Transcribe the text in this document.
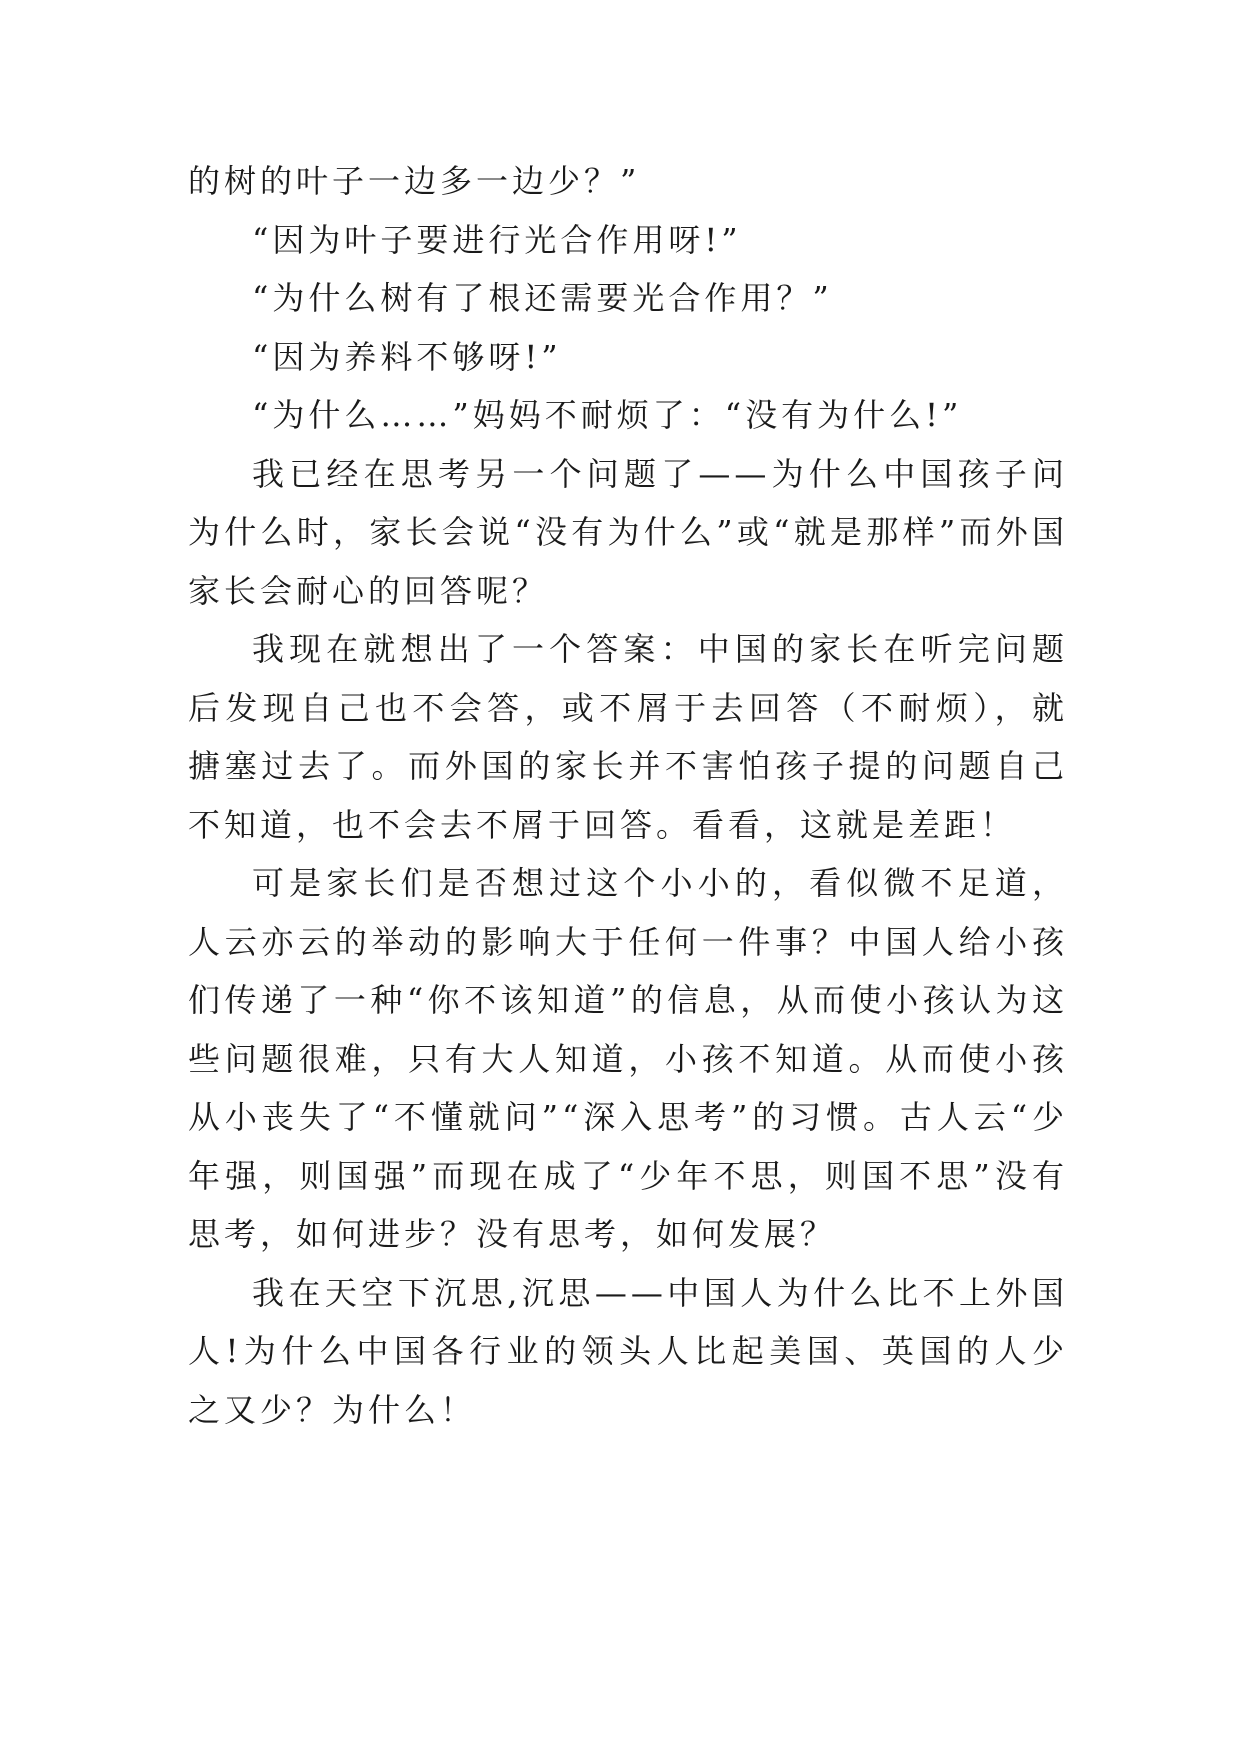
的树的叶子一边多一边少？”

“因为叶子要进行光合作用呀!”

“为什么树有了根还需要光合作用？”

“因为养料不够呀!”

“为什么……”妈妈不耐烦了：“没有为什么!”

我已经在思考另一个问题了——为什么中国孩子问为什么时，家长会说“没有为什么”或“就是那样”而外国家长会耐心的回答呢？

我现在就想出了一个答案：中国的家长在听完问题后发现自己也不会答，或不屑于去回答（不耐烦），就搪塞过去了。而外国的家长并不害怕孩子提的问题自己不知道，也不会去不屑于回答。看看，这就是差距！

可是家长们是否想过这个小小的，看似微不足道，人云亦云的举动的影响大于任何一件事？中国人给小孩们传递了一种“你不该知道”的信息，从而使小孩认为这些问题很难，只有大人知道，小孩不知道。从而使小孩从小丧失了“不懂就问”“深入思考”的习惯。古人云“少年强，则国强”而现在成了“少年不思，则国不思”没有思考，如何进步？没有思考，如何发展？

我在天空下沉思,沉思——中国人为什么比不上外国人!为什么中国各行业的领头人比起美国、英国的人少之又少？为什么！
